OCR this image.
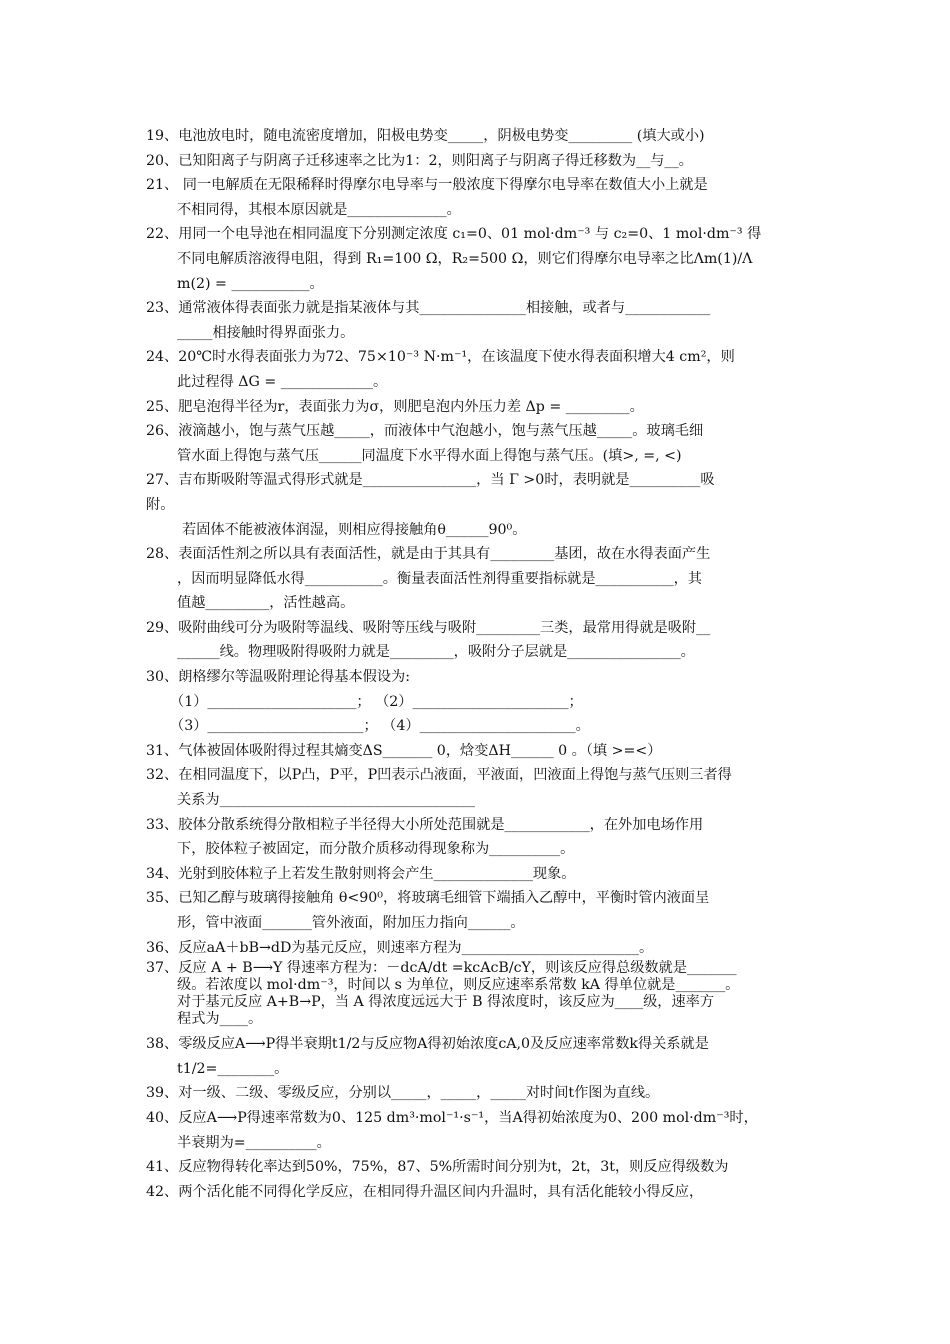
19、电池放电时，随电流密度增加，阳极电势变_____，阴极电势变_________ (填大或小)

20、已知阳离子与阴离子迁移速率之比为1：2，则阳离子与阴离子得迁移数为__与__。

21、 同一电解质在无限稀释时得摩尔电导率与一般浓度下得摩尔电导率在数值大小上就是
不相同得，其根本原因就是______________。

22、用同一个电导池在相同温度下分别测定浓度 c₁=0、01 mol·dm⁻³ 与 c₂=0、1 mol·dm⁻³ 得
不同电解质溶液得电阻，得到 R₁=100 Ω，R₂=500 Ω，则它们得摩尔电导率之比Λm(1)/Λ
m(2) = ___________。

23、通常液体得表面张力就是指某液体与其_______________相接触，或者与____________
_____相接触时得界面张力。

24、20℃时水得表面张力为72、75×10⁻³ N·m⁻¹，在该温度下使水得表面积增大4 cm²，则
此过程得 ΔG = _____________。

25、肥皂泡得半径为r，表面张力为σ，则肥皂泡内外压力差 Δp = _________。

26、液滴越小，饱与蒸气压越_____，而液体中气泡越小，饱与蒸气压越_____。玻璃毛细
管水面上得饱与蒸气压______同温度下水平得水面上得饱与蒸气压。(填>, =, <)

27、吉布斯吸附等温式得形式就是________________，当 Γ >0时，表明就是__________吸
附。
若固体不能被液体润湿，则相应得接触角θ______90⁰。

28、表面活性剂之所以具有表面活性，就是由于其具有_________基团，故在水得表面产生
，因而明显降低水得___________。衡量表面活性剂得重要指标就是___________，其
值越_________，活性越高。

29、吸附曲线可分为吸附等温线、吸附等压线与吸附_________三类，最常用得就是吸附__
______线。物理吸附得吸附力就是_________，吸附分子层就是________________。

30、朗格缪尔等温吸附理论得基本假设为:
（1）_____________________； （2）______________________；
（3）______________________； （4）______________________。

31、气体被固体吸附得过程其熵变ΔS_______ 0，焓变ΔH______ 0 。（填 >=<）

32、在相同温度下，以P凸，P平，P凹表示凸液面，平液面，凹液面上得饱与蒸气压则三者得
关系为____________________________________

33、胶体分散系统得分散相粒子半径得大小所处范围就是____________，在外加电场作用
下，胶体粒子被固定，而分散介质移动得现象称为__________。

34、光射到胶体粒子上若发生散射则将会产生______________现象。

35、已知乙醇与玻璃得接触角 θ<90⁰，将玻璃毛细管下端插入乙醇中，平衡时管内液面呈
形，管中液面_______管外液面，附加压力指向______。

36、反应aA＋bB→dD为基元反应，则速率方程为_________________________。

37、反应 A + B⟶Y 得速率方程为：－dcA/dt =kcAcB/cY，则该反应得总级数就是_______
级。若浓度以 mol·dm⁻³，时间以 s 为单位，则反应速率系常数 kA 得单位就是_______。
对于基元反应 A+B→P，当 A 得浓度远远大于 B 得浓度时，该反应为____级，速率方
程式为____。

38、零级反应A⟶P得半衰期t1/2与反应物A得初始浓度cA,0及反应速率常数k得关系就是
t1/2=________。

39、对一级、二级、零级反应，分别以_____，_____，_____对时间t作图为直线。

40、反应A⟶P得速率常数为0、125 dm³·mol⁻¹·s⁻¹，当A得初始浓度为0、200 mol·dm⁻³时，
半衰期为=__________。

41、反应物得转化率达到50%，75%，87、5%所需时间分别为t，2t，3t，则反应得级数为

42、两个活化能不同得化学反应，在相同得升温区间内升温时，具有活化能较小得反应，
